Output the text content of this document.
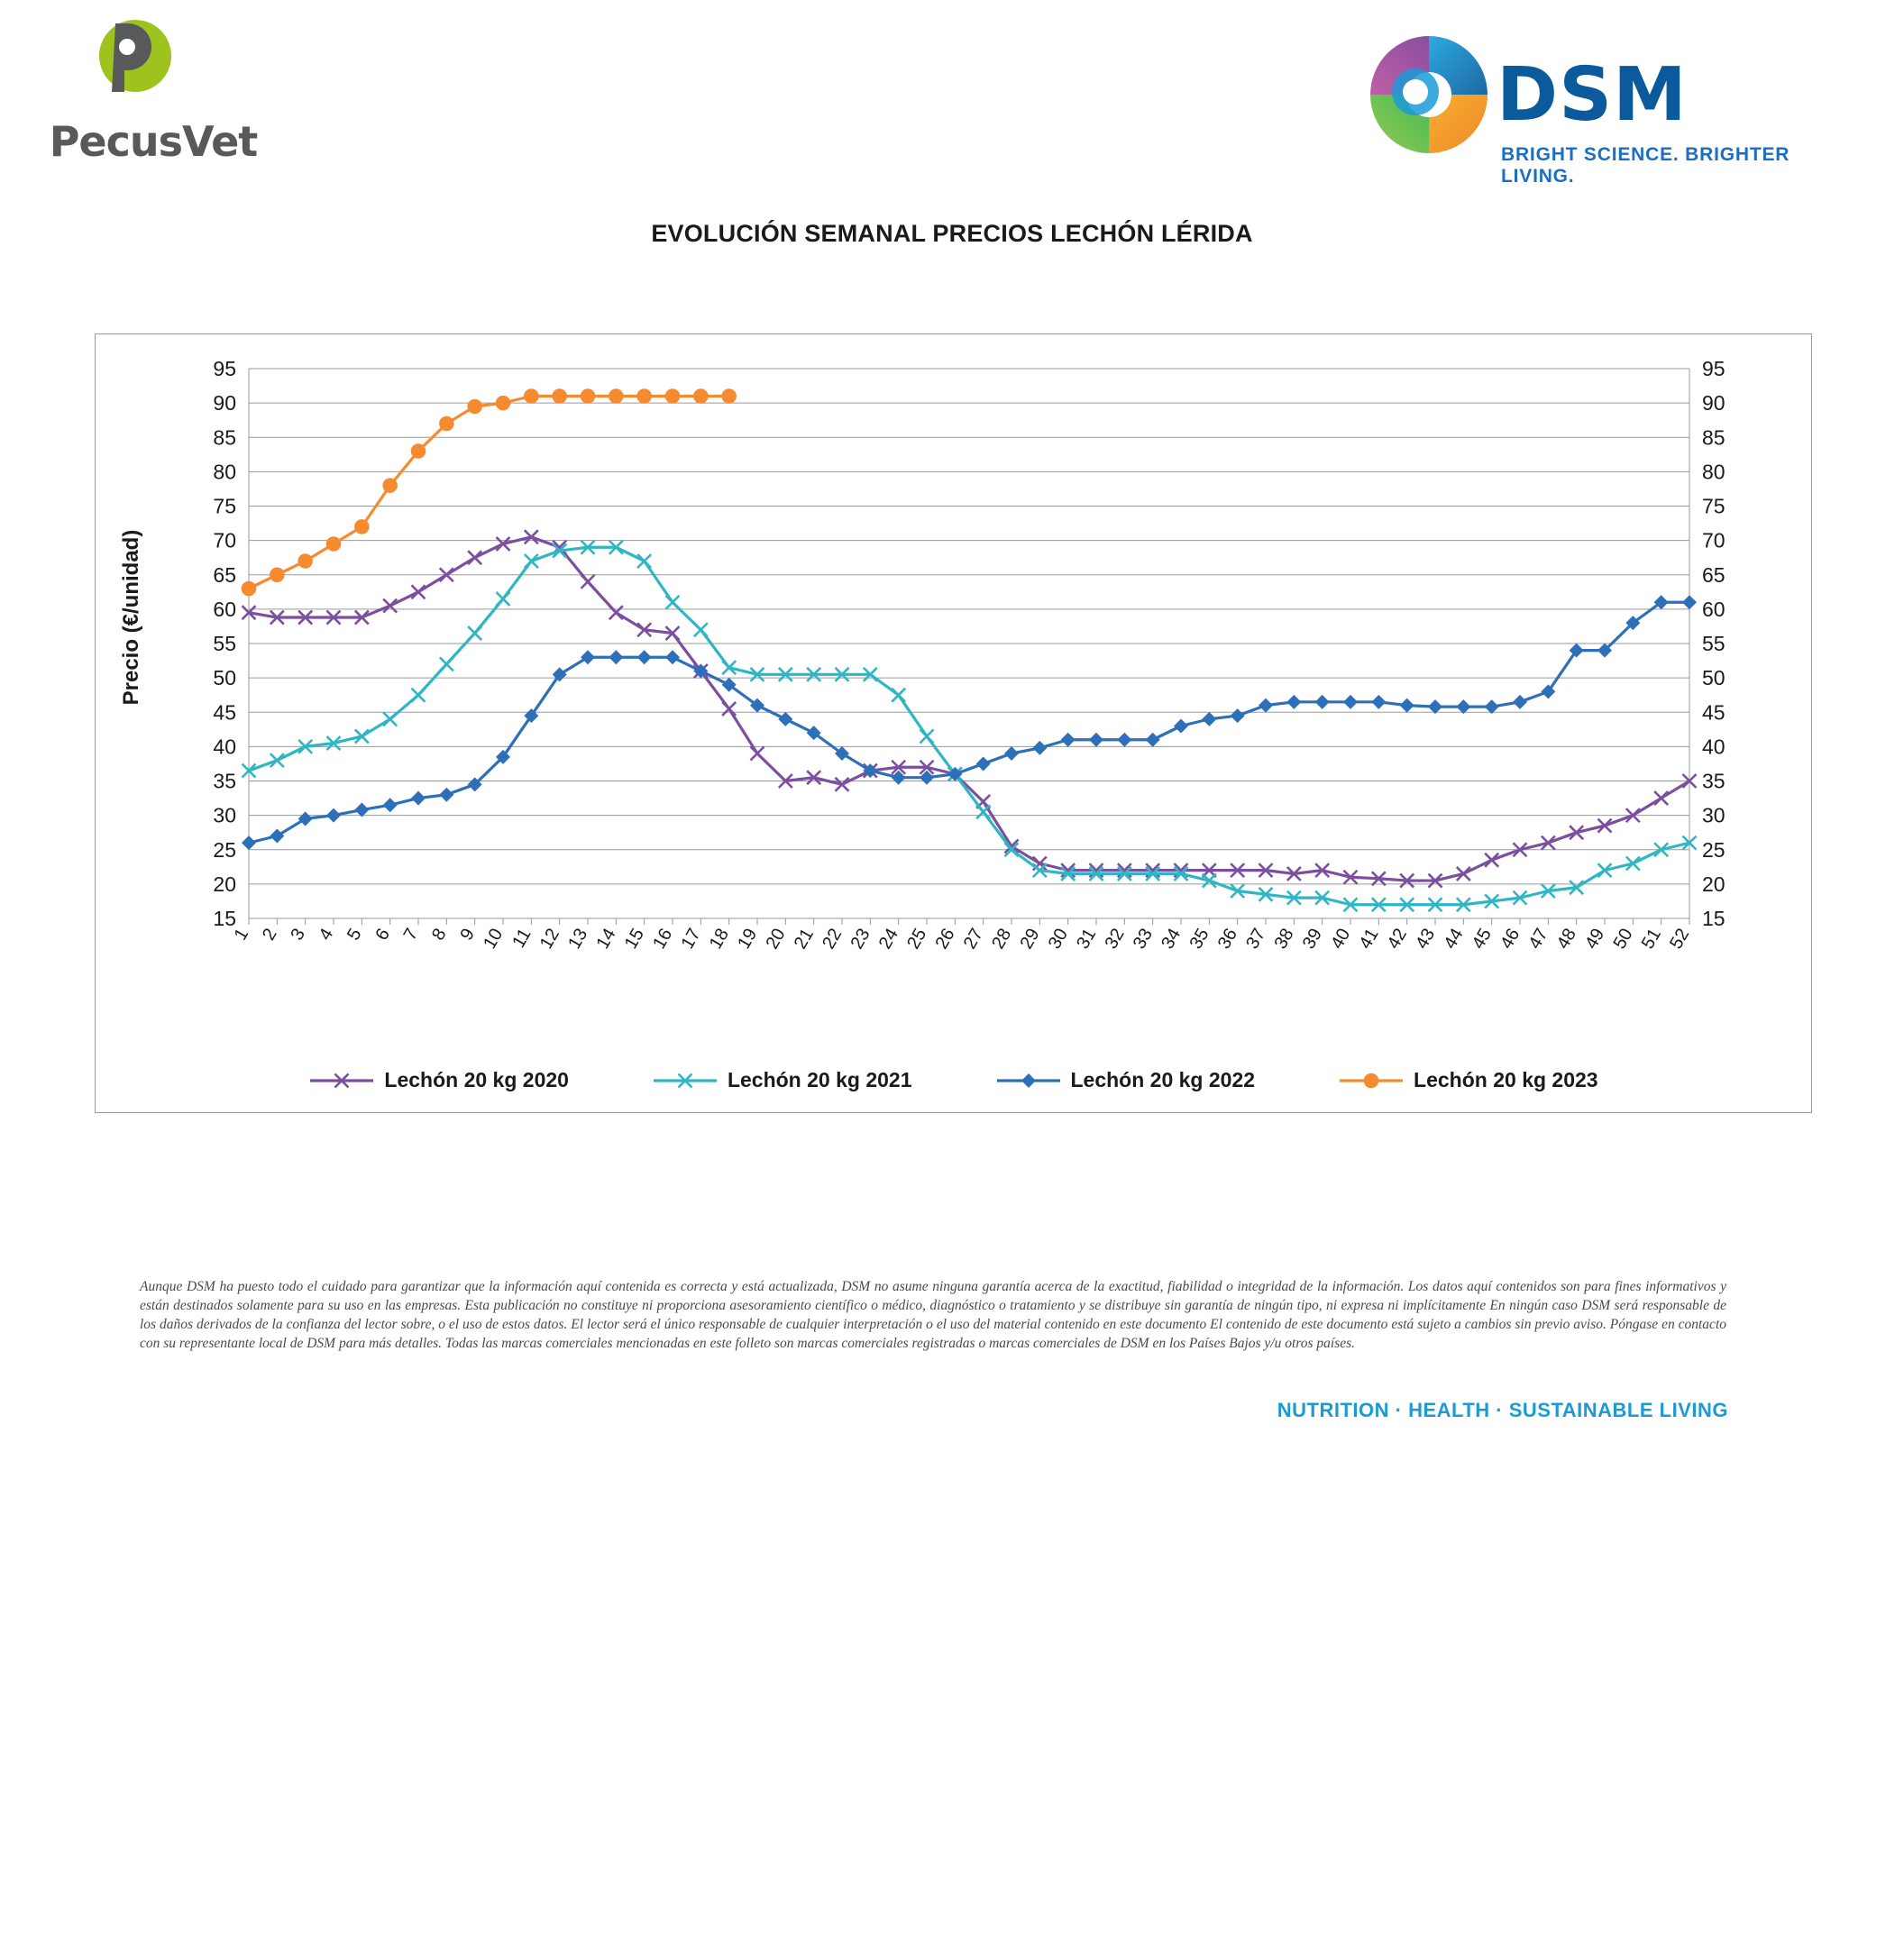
PecusVet
DSM
BRIGHT SCIENCE. BRIGHTER LIVING.
EVOLUCIÓN SEMANAL PRECIOS LECHÓN LÉRIDA
Precio (€/unidad)
15	15
20	20
25	25
30	30
35	35
40	40
45	45
50	50
55	55
60	60
65	65
70	70
75	75
80	80
85	85
90	90
95	95
1 2 3 4 5 6 7 8 9 10 11 12 13 14 15 16 17 18 19 20 21 22 23 24 25 26 27 28 29 30 31 32 33 34 35 36 37 38 39 40 41 42 43 44 45 46 47 48 49 50 51 52
Lechón 20 kg 2020	Lechón 20 kg 2021	Lechón 20 kg 2022	Lechón 20 kg 2023
Aunque DSM ha puesto todo el cuidado para garantizar que la información aquí contenida es correcta y está actualizada, DSM no asume ninguna garantía acerca de la exactitud, fiabilidad o integridad de la información. Los datos aquí contenidos son para fines informativos y están destinados solamente para su uso en las empresas. Esta publicación no constituye ni proporciona asesoramiento científico o médico, diagnóstico o tratamiento y se distribuye sin garantía de ningún tipo, ni expresa ni implícitamente En ningún caso DSM será responsable de los daños derivados de la confianza del lector sobre, o el uso de estos datos. El lector será el único responsable de cualquier interpretación o el uso del material contenido en este documento El contenido de este documento está sujeto a cambios sin previo aviso. Póngase en contacto con su representante local de DSM para más detalles. Todas las marcas comerciales mencionadas en este folleto son marcas comerciales registradas o marcas comerciales de DSM en los Países Bajos y/u otros países.
NUTRITION · HEALTH · SUSTAINABLE LIVING
